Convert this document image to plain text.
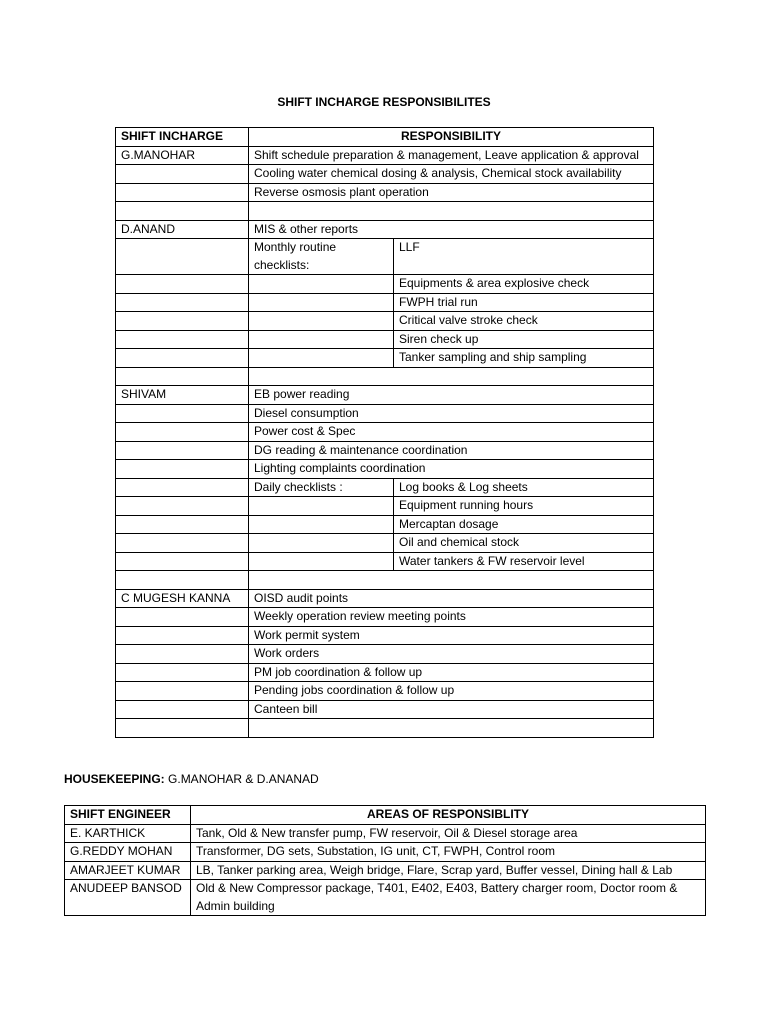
SHIFT INCHARGE RESPONSIBILITES
SHIFT INCHARGE	RESPONSIBILITY	
G.MANOHAR	Shift schedule preparation & management, Leave application & approval	
	Cooling water chemical dosing & analysis, Chemical stock availability	
	Reverse osmosis plant operation	

D.ANAND	MIS & other reports	
	Monthly routine checklists:	LLF
		Equipments & area explosive check
		FWPH trial run
		Critical valve stroke check
		Siren check up
		Tanker sampling and ship sampling

SHIVAM	EB power reading	
	Diesel consumption	
	Power cost & Spec	
	DG reading & maintenance coordination	
	Lighting complaints coordination	
	Daily checklists :	Log books & Log sheets
		Equipment running hours
		Mercaptan dosage
		Oil and chemical stock
		Water tankers & FW reservoir level

C MUGESH KANNA	OISD audit points	
	Weekly operation review meeting points	
	Work permit system	
	Work orders	
	PM job coordination & follow up	
	Pending jobs coordination & follow up	
	Canteen bill	

HOUSEKEEPING: G.MANOHAR & D.ANANAD
SHIFT ENGINEER	AREAS OF RESPONSIBLITY
E. KARTHICK	Tank, Old & New transfer pump, FW reservoir, Oil & Diesel storage area
G.REDDY MOHAN	Transformer, DG sets, Substation, IG unit, CT, FWPH, Control room
AMARJEET KUMAR	LB, Tanker parking area, Weigh bridge, Flare, Scrap yard, Buffer vessel, Dining hall & Lab
ANUDEEP BANSOD	Old & New Compressor package, T401, E402, E403, Battery charger room, Doctor room & Admin building
